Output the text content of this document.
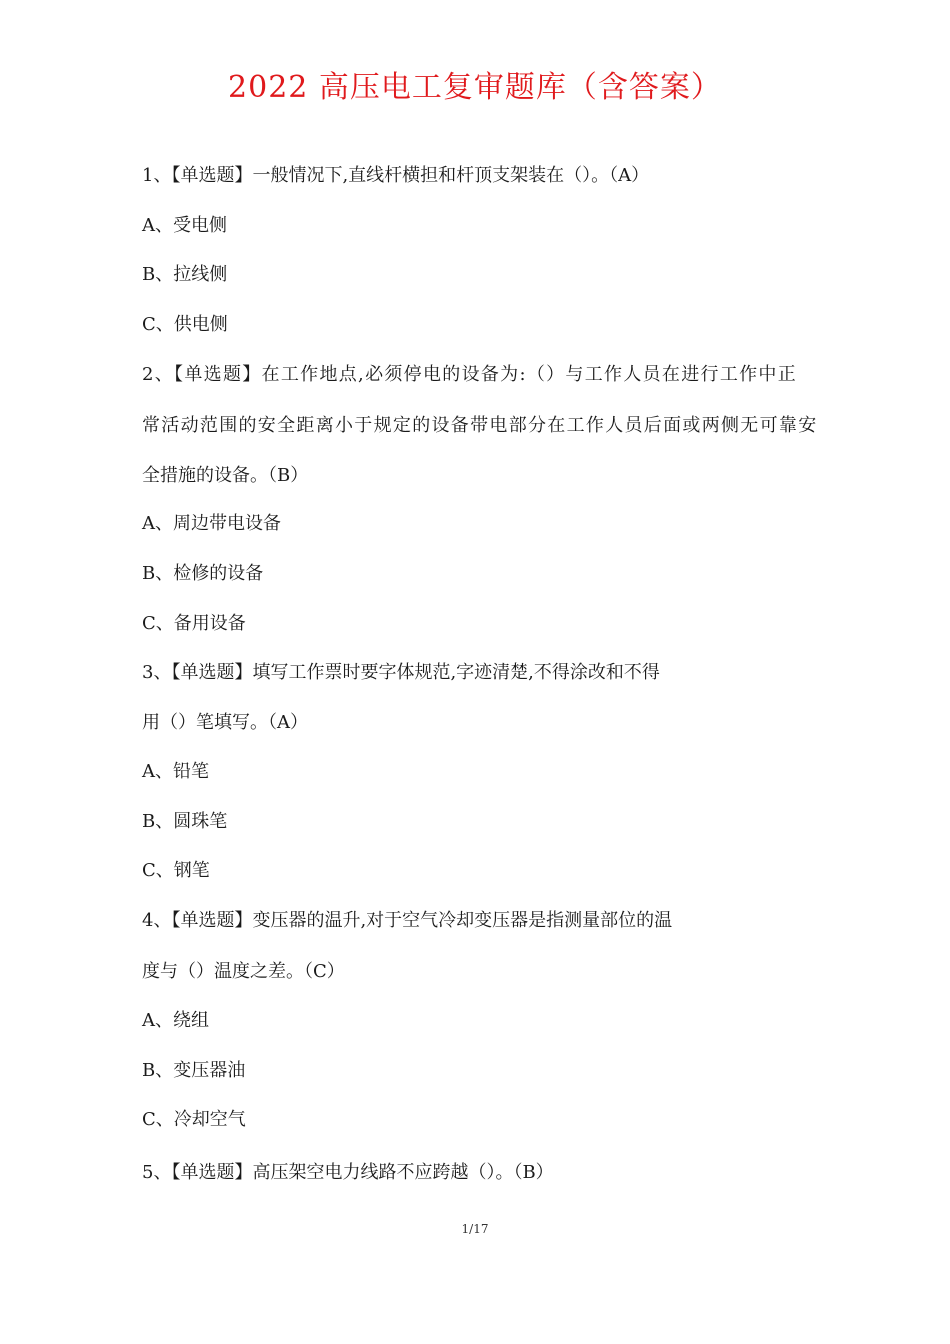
2022 高压电工复审题库（含答案）
1、【单选题】一般情况下,直线杆横担和杆顶支架装在（）。（A）
A、受电侧
B、拉线侧
C、供电侧
2、【单选题】在工作地点,必须停电的设备为:（）与工作人员在进行工作中正
常活动范围的安全距离小于规定的设备带电部分在工作人员后面或两侧无可靠安
全措施的设备。（B）
A、周边带电设备
B、检修的设备
C、备用设备
3、【单选题】填写工作票时要字体规范,字迹清楚,不得涂改和不得
用（）笔填写。（A）
A、铅笔
B、圆珠笔
C、钢笔
4、【单选题】变压器的温升,对于空气冷却变压器是指测量部位的温
度与（）温度之差。（C）
A、绕组
B、变压器油
C、冷却空气
5、【单选题】高压架空电力线路不应跨越（）。（B）
1/17
